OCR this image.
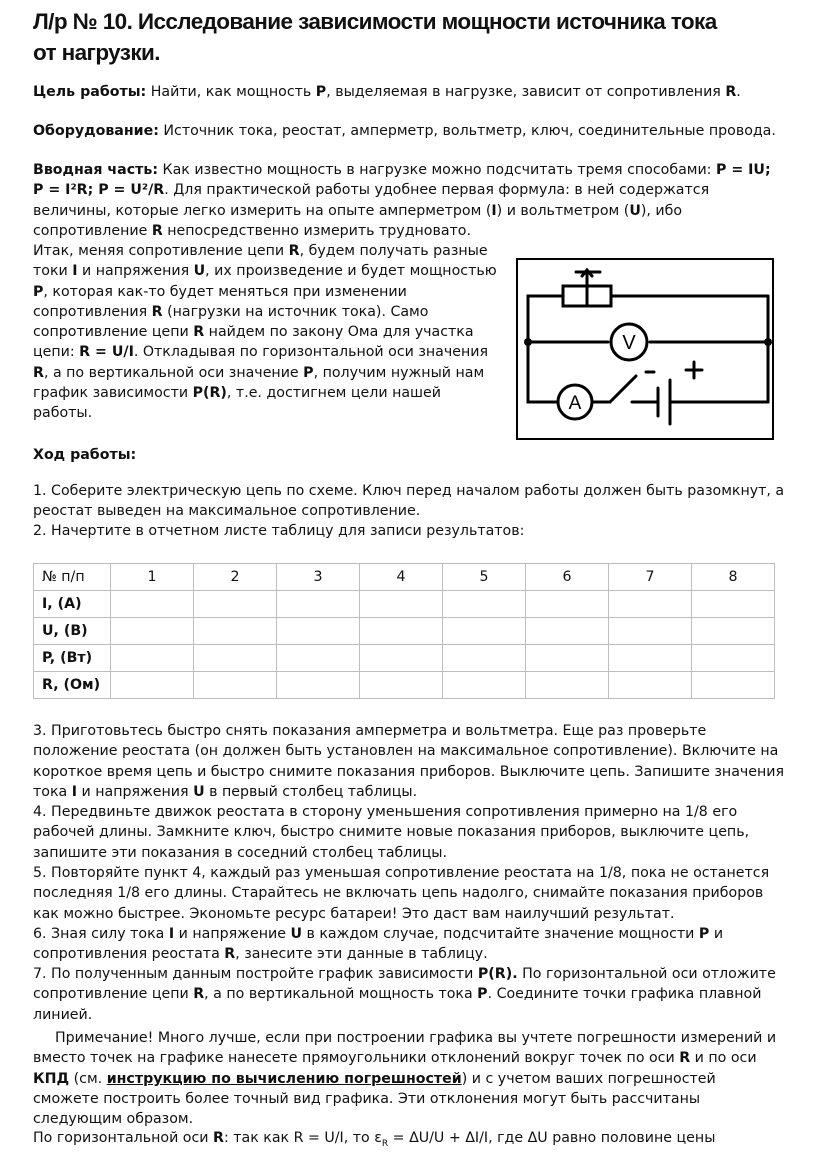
Л/р № 10. Исследование зависимости мощности источника тока от нагрузки.
Цель работы: Найти, как мощность P, выделяемая в нагрузке, зависит от сопротивления R.
Оборудование: Источник тока, реостат, амперметр, вольтметр, ключ, соединительные провода.
Вводная часть: Как известно мощность в нагрузке можно подсчитать тремя способами: P = IU; P = I²R; P = U²/R. Для практической работы удобнее первая формула: в ней содержатся величины, которые легко измерить на опыте амперметром (I) и вольтметром (U), ибо сопротивление R непосредственно измерить трудновато.
Итак, меняя сопротивление цепи R, будем получать разные токи I и напряжения U, их произведение и будет мощностью P, которая как-то будет меняться при изменении сопротивления R (нагрузки на источник тока). Само сопротивление цепи R найдем по закону Ома для участка цепи: R = U/I. Откладывая по горизонтальной оси значения R, а по вертикальной оси значение P, получим нужный нам график зависимости P(R), т.е. достигнем цели нашей работы.
V
A
Ход работы:
1. Соберите электрическую цепь по схеме. Ключ перед началом работы должен быть разомкнут, а реостат выведен на максимальное сопротивление.
2. Начертите в отчетном листе таблицу для записи результатов:
№ п/п	1	2	3	4	5	6	7	8
I, (A)								
U, (B)								
P, (Вт)								
R, (Ом)								
3. Приготовьтесь быстро снять показания амперметра и вольтметра. Еще раз проверьте положение реостата (он должен быть установлен на максимальное сопротивление). Включите на короткое время цепь и быстро снимите показания приборов. Выключите цепь. Запишите значения тока I и напряжения U в первый столбец таблицы.
4. Передвиньте движок реостата в сторону уменьшения сопротивления примерно на 1/8 его рабочей длины. Замкните ключ, быстро снимите новые показания приборов, выключите цепь, запишите эти показания в соседний столбец таблицы.
5. Повторяйте пункт 4, каждый раз уменьшая сопротивление реостата на 1/8, пока не останется последняя 1/8 его длины. Старайтесь не включать цепь надолго, снимайте показания приборов как можно быстрее. Экономьте ресурс батареи! Это даст вам наилучший результат.
6. Зная силу тока I и напряжение U в каждом случае, подсчитайте значение мощности P и сопротивления реостата R, занесите эти данные в таблицу.
7. По полученным данным постройте график зависимости P(R). По горизонтальной оси отложите сопротивление цепи R, а по вертикальной мощность тока P. Соедините точки графика плавной линией.
Примечание! Много лучше, если при построении графика вы учтете погрешности измерений и вместо точек на графике нанесете прямоугольники отклонений вокруг точек по оси R и по оси КПД (см. инструкцию по вычислению погрешностей) и с учетом ваших погрешностей сможете построить более точный вид графика. Эти отклонения могут быть рассчитаны следующим образом.
По горизонтальной оси R: так как R = U/I, то $\varepsilon_R = \Delta U/U + \Delta I/I$, где ΔU равно половине цены
